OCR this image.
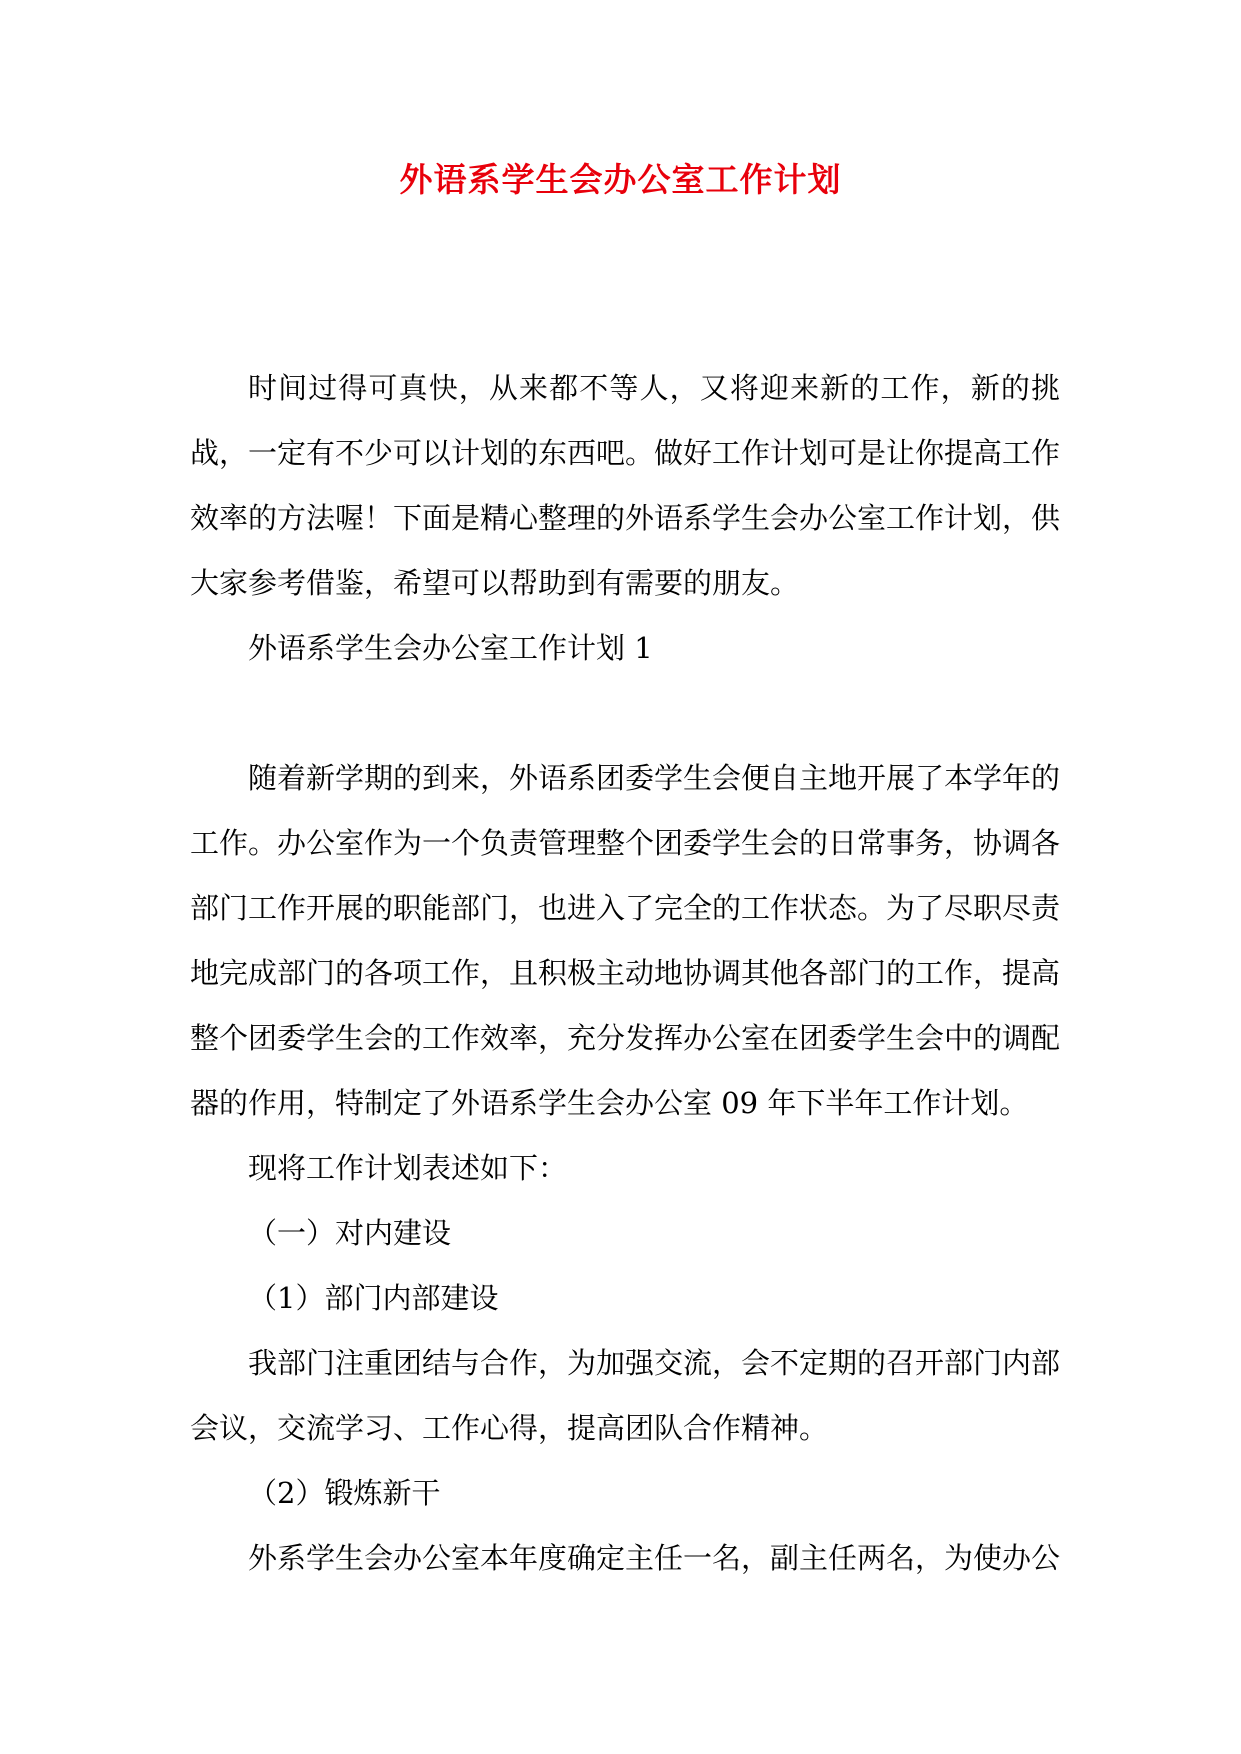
外语系学生会办公室工作计划

时间过得可真快，从来都不等人，又将迎来新的工作，新的挑战，一定有不少可以计划的东西吧。做好工作计划可是让你提高工作效率的方法喔！下面是精心整理的外语系学生会办公室工作计划，供大家参考借鉴，希望可以帮助到有需要的朋友。

外语系学生会办公室工作计划 1

随着新学期的到来，外语系团委学生会便自主地开展了本学年的工作。办公室作为一个负责管理整个团委学生会的日常事务，协调各部门工作开展的职能部门，也进入了完全的工作状态。为了尽职尽责地完成部门的各项工作，且积极主动地协调其他各部门的工作，提高整个团委学生会的工作效率，充分发挥办公室在团委学生会中的调配器的作用，特制定了外语系学生会办公室 09 年下半年工作计划。

现将工作计划表述如下：

（一）对内建设

（1）部门内部建设

我部门注重团结与合作，为加强交流，会不定期的召开部门内部会议，交流学习、工作心得，提高团队合作精神。

（2）锻炼新干

外系学生会办公室本年度确定主任一名，副主任两名，为使办公
